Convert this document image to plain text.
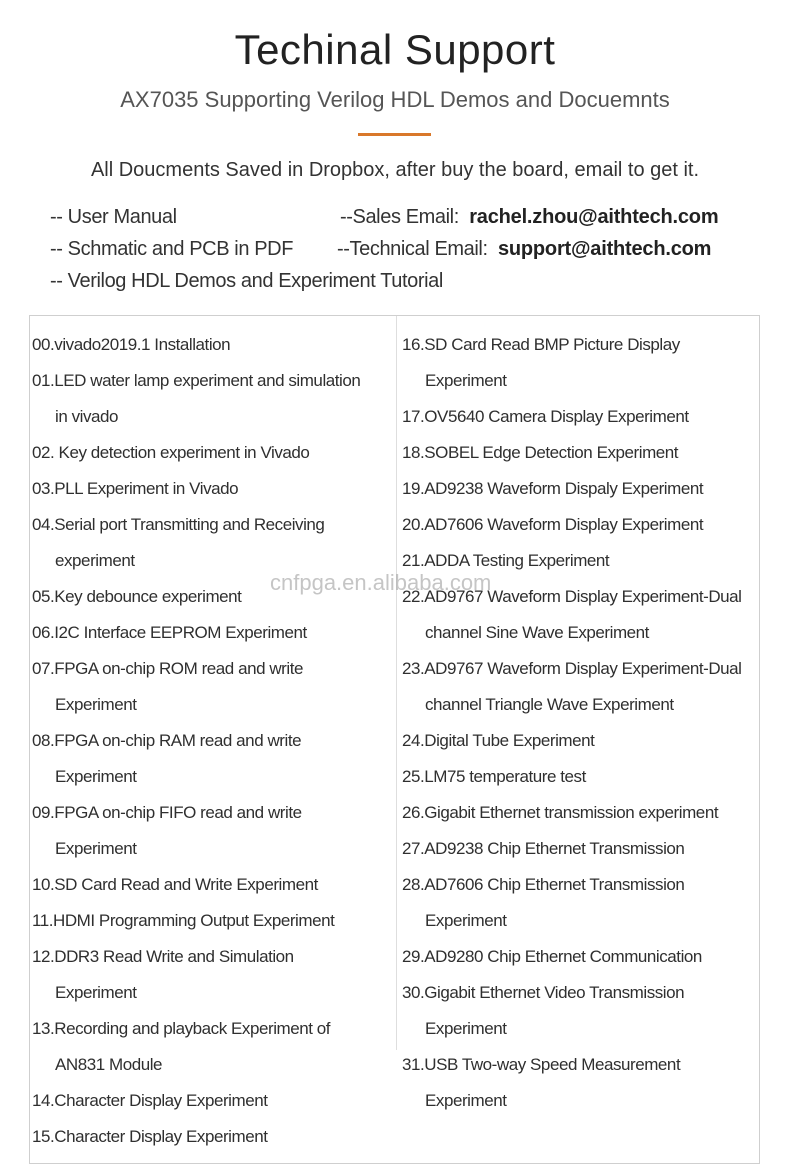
Techinal Support
AX7035 Supporting Verilog HDL Demos and Docuemnts
All Doucments Saved in Dropbox, after buy the board, email to get it.
-- User Manual
-- Schmatic and PCB in PDF
-- Verilog HDL Demos and Experiment Tutorial
--Sales Email: rachel.zhou@aithtech.com
--Technical Email: support@aithtech.com
00.vivado2019.1 Installation
01.LED water lamp experiment and simulation
in vivado
02. Key detection experiment in Vivado
03.PLL Experiment in Vivado
04.Serial port Transmitting and Receiving
experiment
05.Key debounce experiment
06.I2C Interface EEPROM Experiment
07.FPGA on-chip ROM read and write
Experiment
08.FPGA on-chip RAM read and write
Experiment
09.FPGA on-chip FIFO read and write
Experiment
10.SD Card Read and Write Experiment
11.HDMI Programming Output Experiment
12.DDR3 Read Write and Simulation
Experiment
13.Recording and playback Experiment of
AN831 Module
14.Character Display Experiment
15.Character Display Experiment
16.SD Card Read BMP Picture Display
Experiment
17.OV5640 Camera Display Experiment
18.SOBEL Edge Detection Experiment
19.AD9238 Waveform Dispaly Experiment
20.AD7606 Waveform Display Experiment
21.ADDA Testing Experiment
22.AD9767 Waveform Display Experiment-Dual
channel Sine Wave Experiment
23.AD9767 Waveform Display Experiment-Dual
channel Triangle Wave Experiment
24.Digital Tube Experiment
25.LM75 temperature test
26.Gigabit Ethernet transmission experiment
27.AD9238 Chip Ethernet Transmission
28.AD7606 Chip Ethernet Transmission
Experiment
29.AD9280 Chip Ethernet Communication
30.Gigabit Ethernet Video Transmission
Experiment
31.USB Two-way Speed Measurement
Experiment
cnfpga.en.alibaba.com
